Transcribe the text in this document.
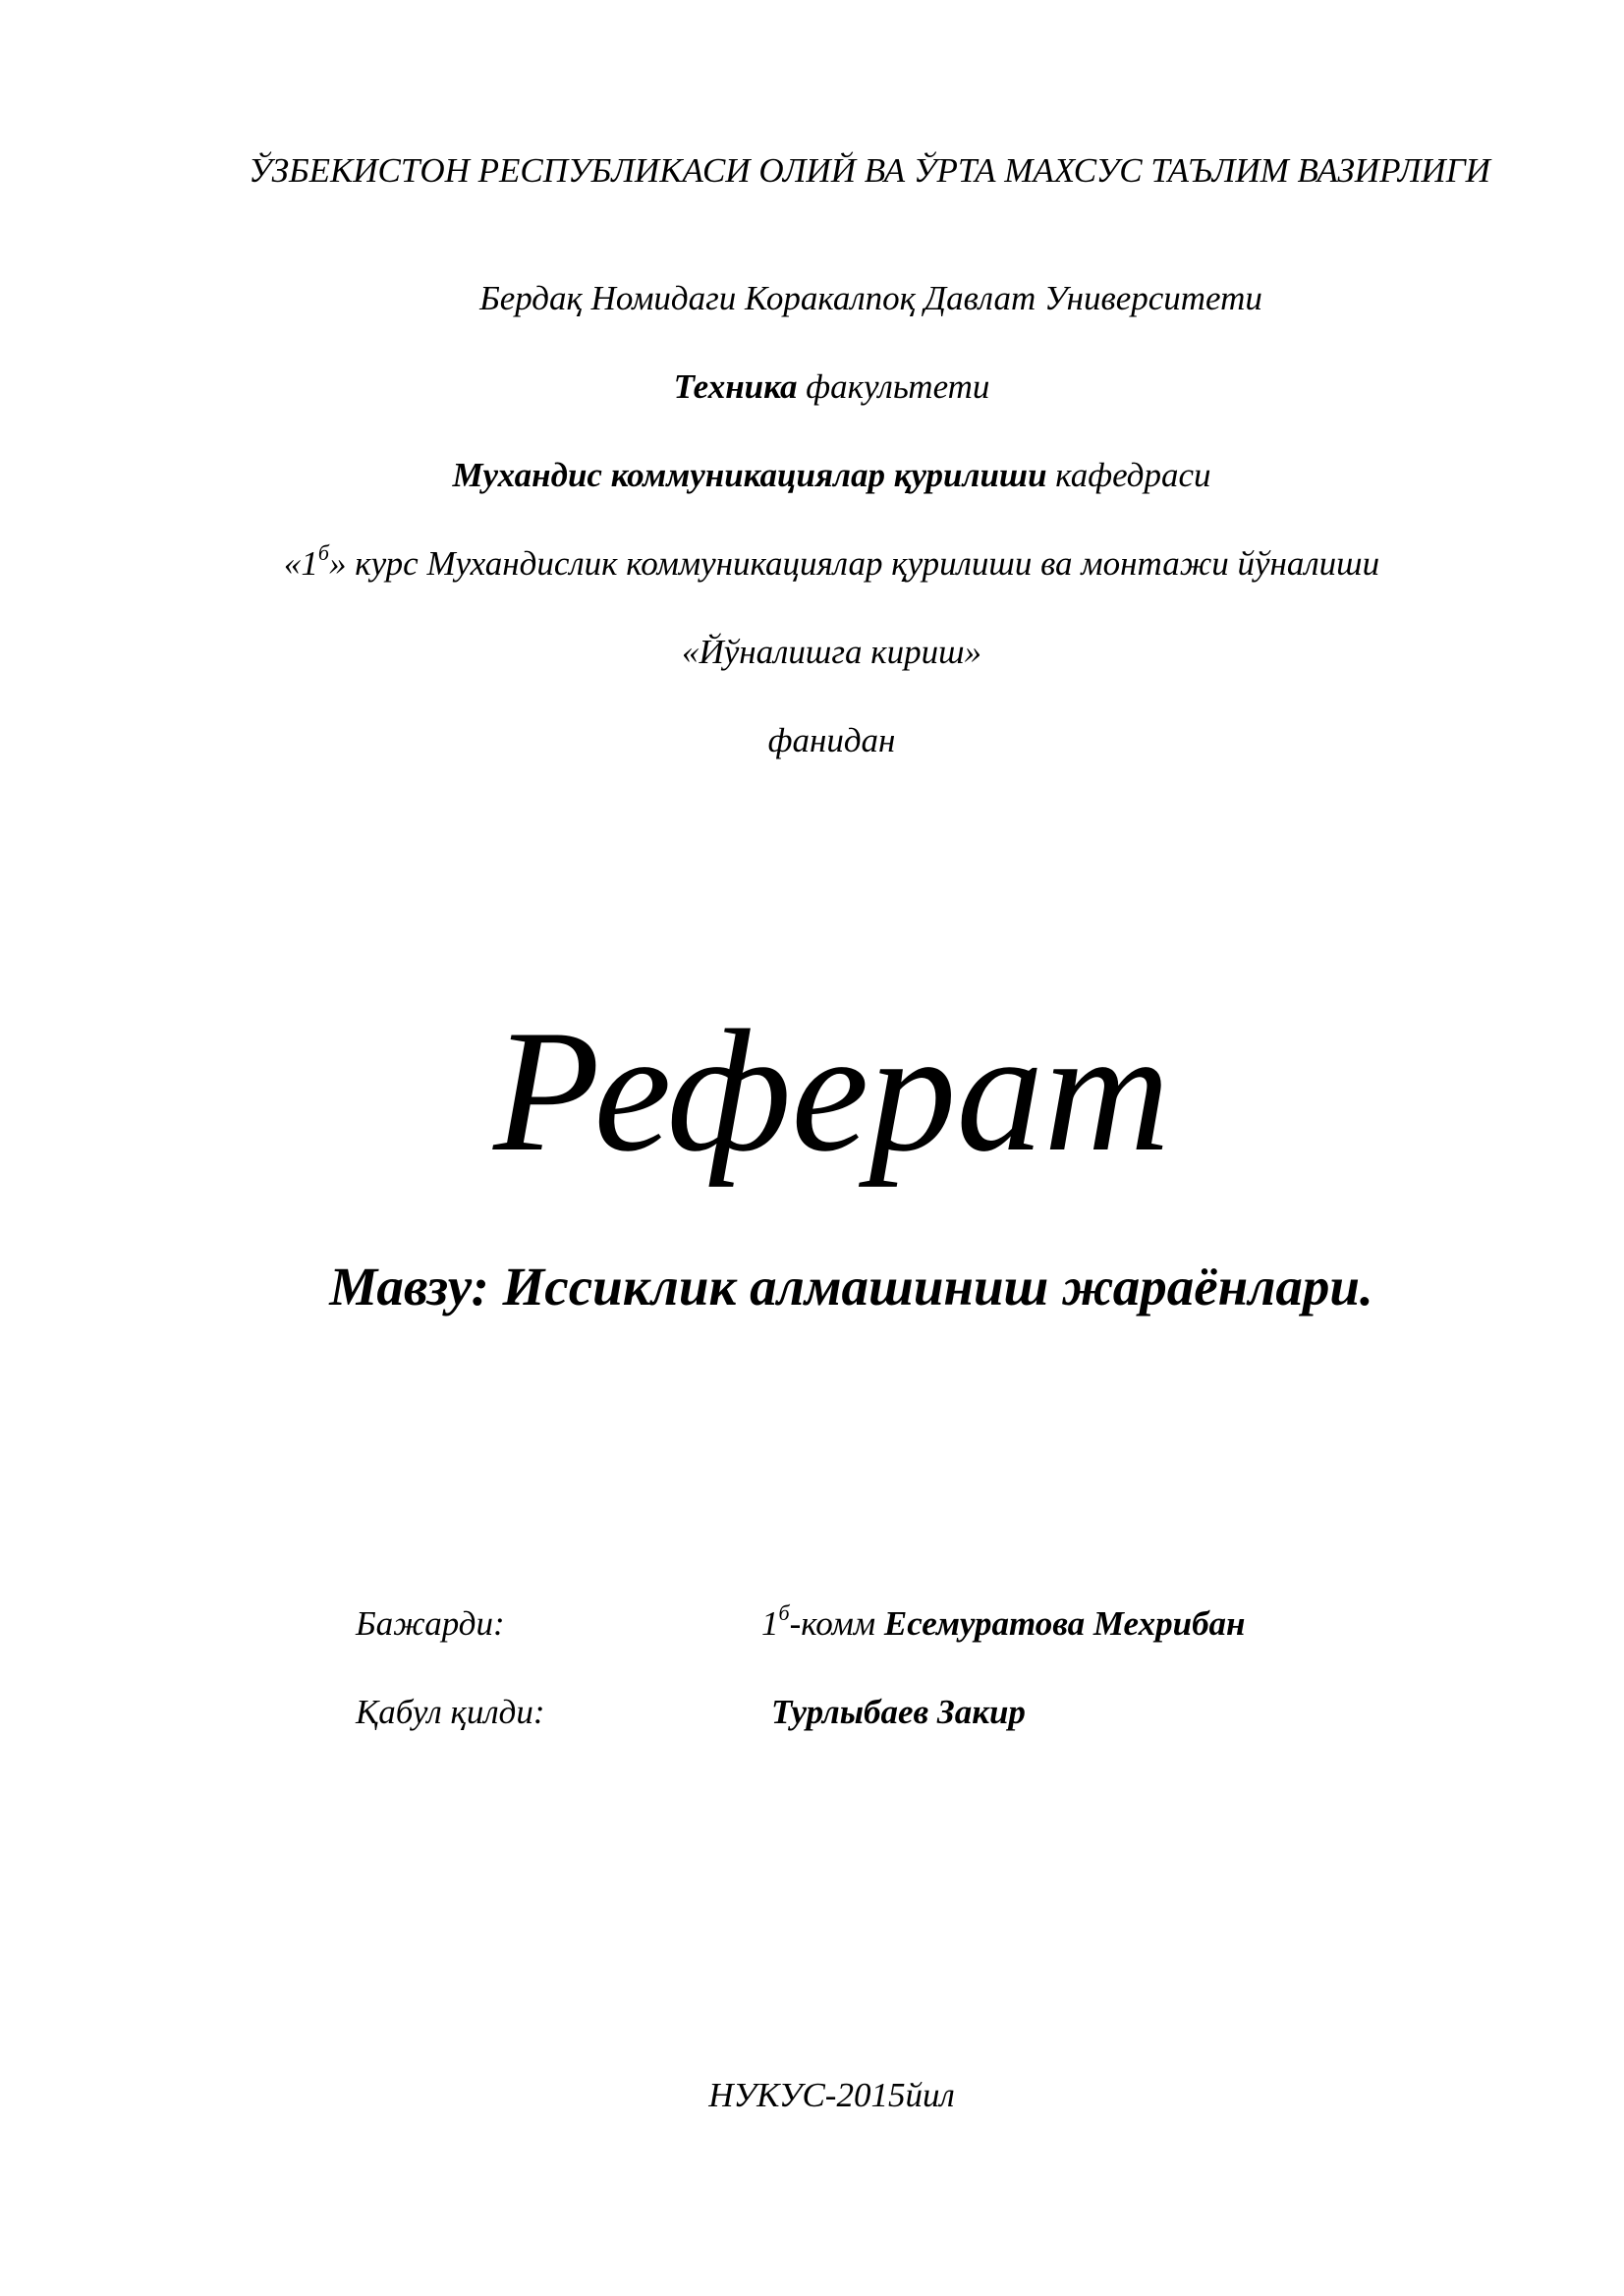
ЎЗБЕКИСТОН РЕСПУБЛИКАСИ ОЛИЙ ВА ЎРТА МАХСУС ТАЪЛИМ ВАЗИРЛИГИ
Бердақ Номидаги Коракалпоқ Давлат Университети
Техника факультети
Мухандис коммуникациялар қурилиши кафедраси
«$1^б$» курс Мухандислик коммуникациялар қурилиши ва монтажи йўналиши
«Йўналишга кириш»
фанидан
Реферат
Мавзу: Иссиклик алмашиниш жараёнлари.
Бажарди:	$1^б$-комм Есемуратова Мехрибан
Қабул қилди:	Турлыбаев Закир
НУКУС-2015йил
